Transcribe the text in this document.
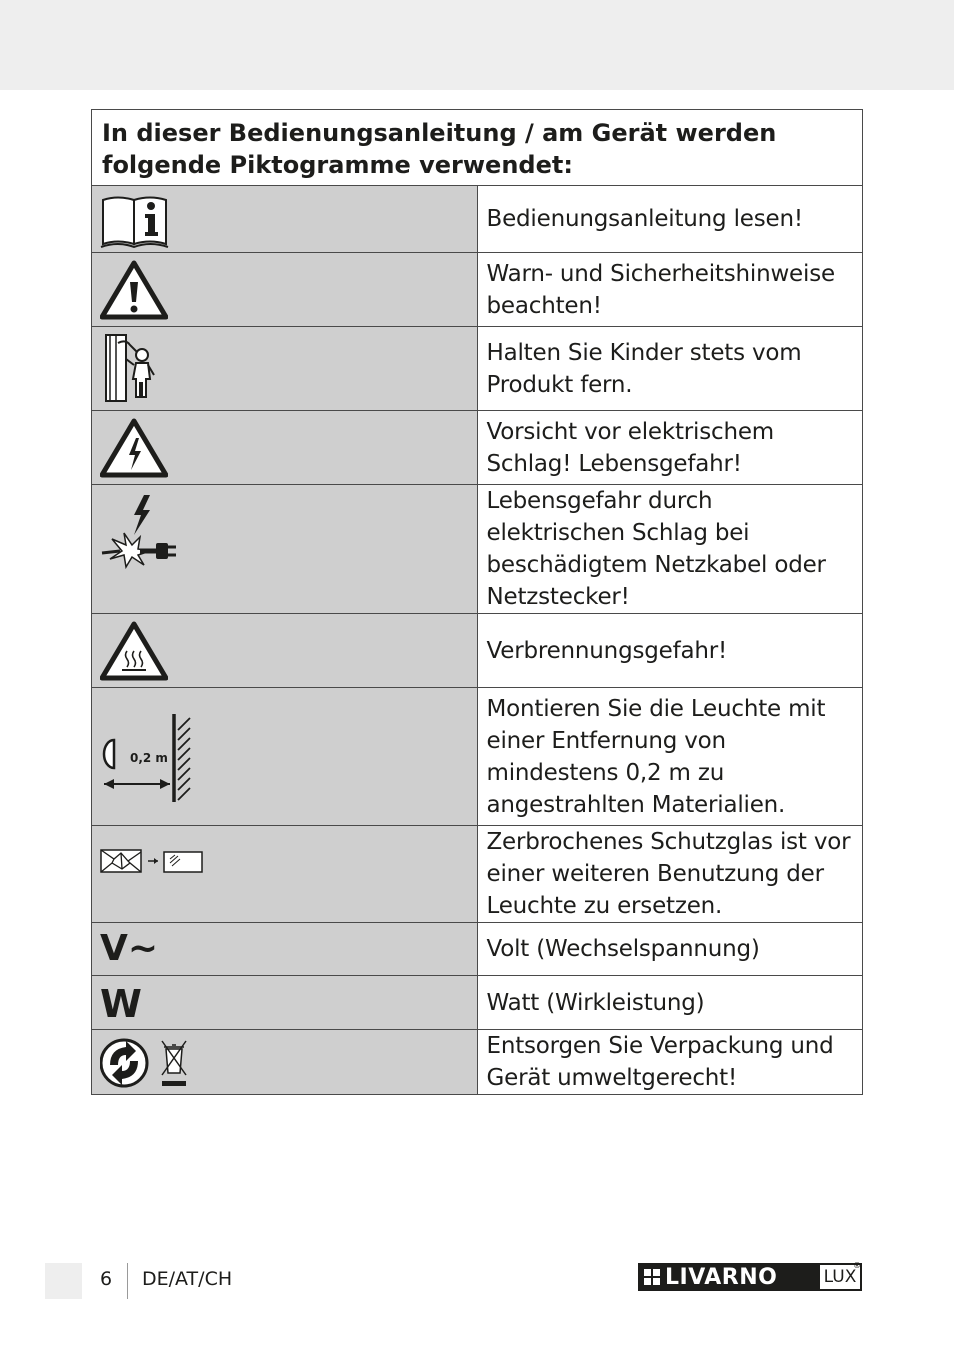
In dieser Bedienungsanleitung / am Gerät werden folgende Piktogramme verwendet:	

	Bedienungsanleitung lesen!

	Warn- und Sicherheitshinweise beachten!

	Halten Sie Kinder stets vom Produkt fern.

	Vorsicht vor elektrischem Schlag! Lebensgefahr!

	Lebensgefahr durch elektrischen Schlag bei beschädigtem Netzkabel oder Netzstecker!

	Verbrennungsgefahr!

0,2 m	Montieren Sie die Leuchte mit einer Entfernung von mindestens 0,2 m zu angestrahlten Materialien.

	Zerbrochenes Schutzglas ist vor einer weiteren Benutzung der Leuchte zu ersetzen.

V~	Volt (Wechselspannung)

W	Watt (Wirkleistung)

	Entsorgen Sie Verpackung und Gerät umweltgerecht!
6 DE/AT/CH	LIVARNO	LUX
®
